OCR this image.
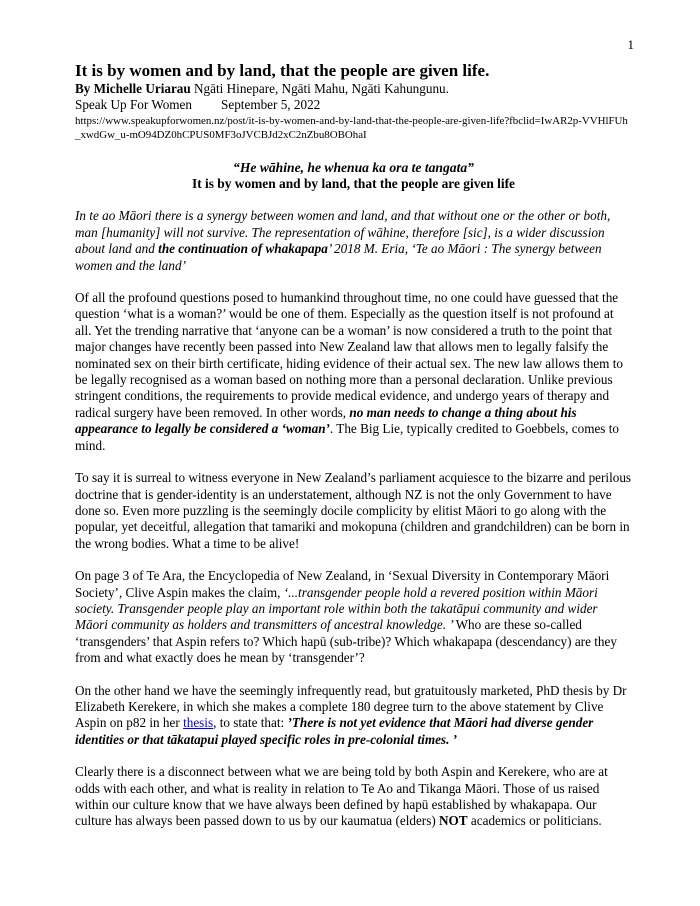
1
It is by women and by land, that the people are given life.
By Michelle Uriarau Ngāti Hinepare, Ngāti Mahu, Ngāti Kahungunu.
Speak Up For Women September 5, 2022
https://www.speakupforwomen.nz/post/it-is-by-women-and-by-land-that-the-people-are-given-life?fbclid=IwAR2p-VVHlFUh_xwdGw_u-mO94DZ0hCPUS0MF3oJVCBJd2xC2nZbu8OBOhaI
“He wāhine, he whenua ka ora te tangata”
It is by women and by land, that the people are given life

In te ao Māori there is a synergy between women and land, and that without one or the other or both, man [humanity] will not survive. The representation of wāhine, therefore [sic], is a wider discussion about land and the continuation of whakapapa’ 2018 M. Eria, ‘Te ao Māori : The synergy between women and the land’

Of all the profound questions posed to humankind throughout time, no one could have guessed that the question ‘what is a woman?’ would be one of them. Especially as the question itself is not profound at all. Yet the trending narrative that ‘anyone can be a woman’ is now considered a truth to the point that major changes have recently been passed into New Zealand law that allows men to legally falsify the nominated sex on their birth certificate, hiding evidence of their actual sex. The new law allows them to be legally recognised as a woman based on nothing more than a personal declaration. Unlike previous stringent conditions, the requirements to provide medical evidence, and undergo years of therapy and radical surgery have been removed. In other words, no man needs to change a thing about his appearance to legally be considered a ‘woman’. The Big Lie, typically credited to Goebbels, comes to mind.

To say it is surreal to witness everyone in New Zealand’s parliament acquiesce to the bizarre and perilous doctrine that is gender-identity is an understatement, although NZ is not the only Government to have done so. Even more puzzling is the seemingly docile complicity by elitist Māori to go along with the popular, yet deceitful, allegation that tamariki and mokopuna (children and grandchildren) can be born in the wrong bodies. What a time to be alive!

On page 3 of Te Ara, the Encyclopedia of New Zealand, in ‘Sexual Diversity in Contemporary Māori Society’, Clive Aspin makes the claim, ‘...transgender people hold a revered position within Māori society. Transgender people play an important role within both the takatāpui community and wider Māori community as holders and transmitters of ancestral knowledge. ’ Who are these so-called ‘transgenders’ that Aspin refers to? Which hapū (sub-tribe)? Which whakapapa (descendancy) are they from and what exactly does he mean by ‘transgender’?

On the other hand we have the seemingly infrequently read, but gratuitously marketed, PhD thesis by Dr Elizabeth Kerekere, in which she makes a complete 180 degree turn to the above statement by Clive Aspin on p82 in her thesis, to state that: ’There is not yet evidence that Māori had diverse gender identities or that tākatapui played specific roles in pre-colonial times. ’

Clearly there is a disconnect between what we are being told by both Aspin and Kerekere, who are at odds with each other, and what is reality in relation to Te Ao and Tikanga Māori. Those of us raised within our culture know that we have always been defined by hapū established by whakapapa. Our culture has always been passed down to us by our kaumatua (elders) NOT academics or politicians.
